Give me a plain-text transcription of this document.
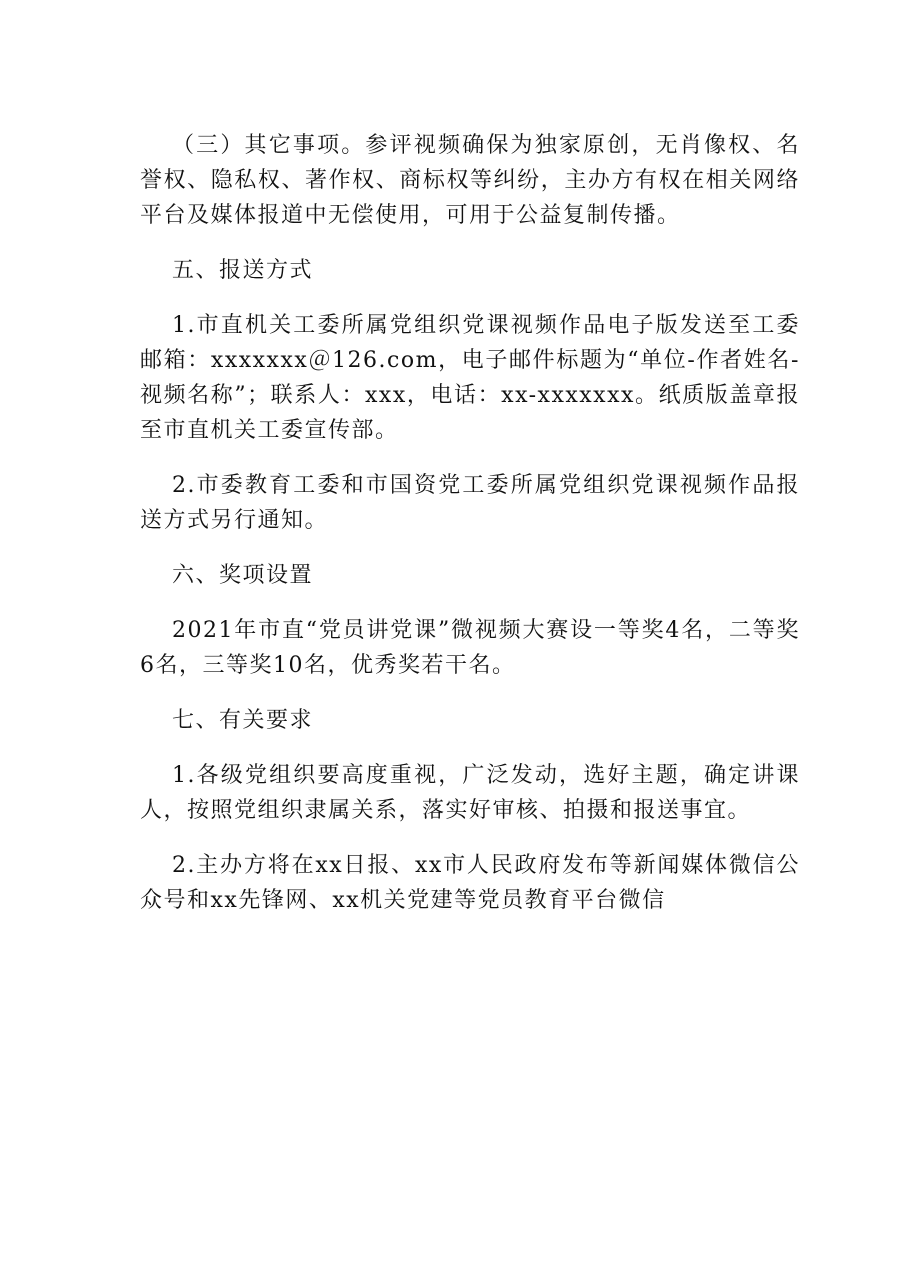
（三）其它事项。参评视频确保为独家原创，无肖像权、名誉权、隐私权、著作权、商标权等纠纷，主办方有权在相关网络平台及媒体报道中无偿使用，可用于公益复制传播。

五、报送方式

1.市直机关工委所属党组织党课视频作品电子版发送至工委邮箱：xxxxxxx＠126.com，电子邮件标题为“单位-作者姓名-视频名称”；联系人：xxx，电话：xx-xxxxxxx。纸质版盖章报至市直机关工委宣传部。

2.市委教育工委和市国资党工委所属党组织党课视频作品报送方式另行通知。

六、奖项设置

2021年市直“党员讲党课”微视频大赛设一等奖4名，二等奖6名，三等奖10名，优秀奖若干名。

七、有关要求

1.各级党组织要高度重视，广泛发动，选好主题，确定讲课人，按照党组织隶属关系，落实好审核、拍摄和报送事宜。

2.主办方将在xx日报、xx市人民政府发布等新闻媒体微信公众号和xx先锋网、xx机关党建等党员教育平台微信
